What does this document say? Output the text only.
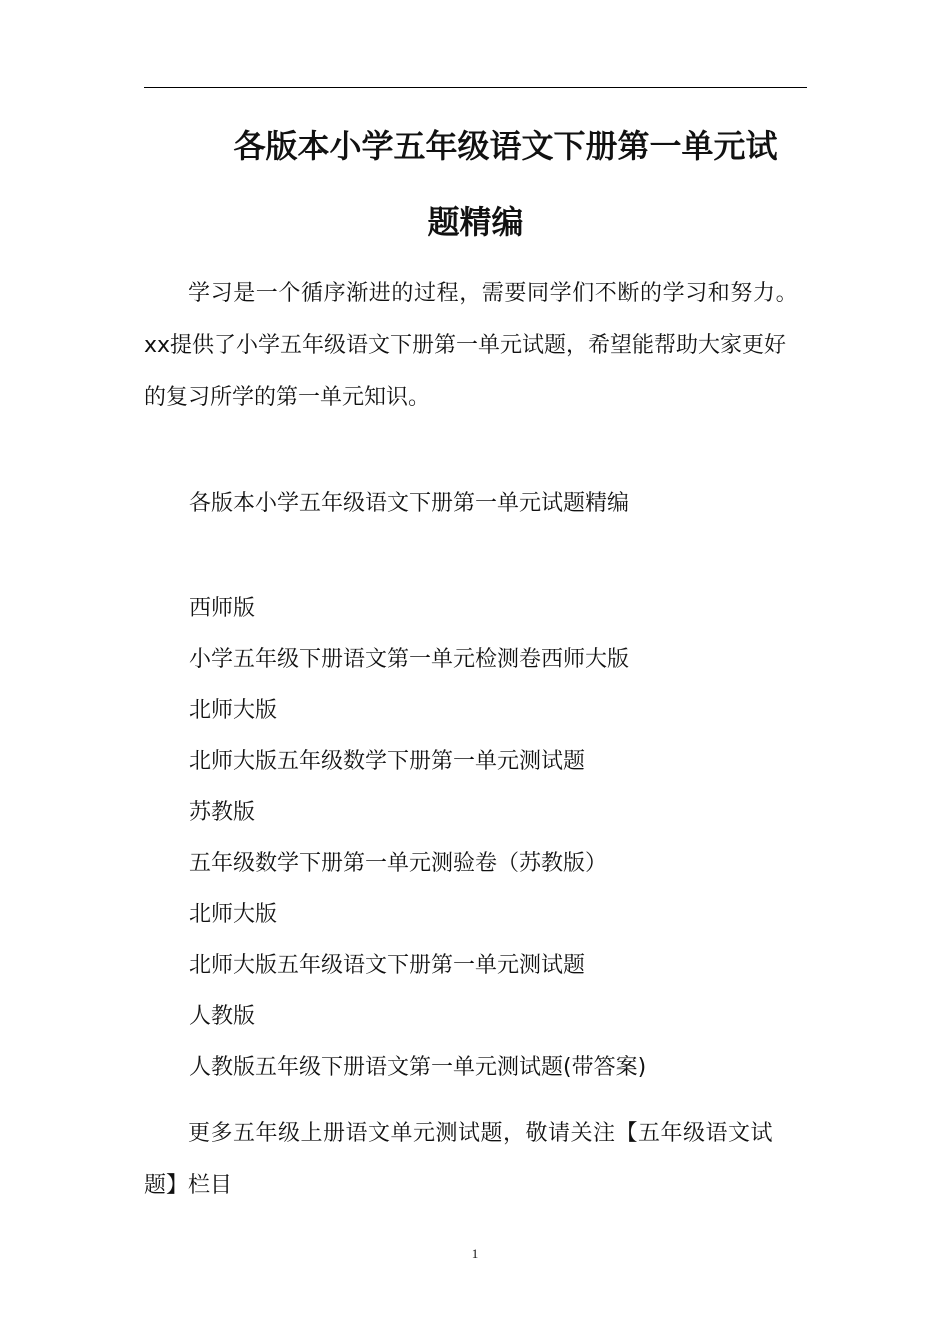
各版本小学五年级语文下册第一单元试
题精编

学习是一个循序渐进的过程，需要同学们不断的学习和努力。
xx提供了小学五年级语文下册第一单元试题，希望能帮助大家更好
的复习所学的第一单元知识。

各版本小学五年级语文下册第一单元试题精编

西师版

小学五年级下册语文第一单元检测卷西师大版

北师大版

北师大版五年级数学下册第一单元测试题

苏教版

五年级数学下册第一单元测验卷（苏教版）

北师大版

北师大版五年级语文下册第一单元测试题

人教版

人教版五年级下册语文第一单元测试题(带答案)

更多五年级上册语文单元测试题，敬请关注【五年级语文试
题】栏目

1
